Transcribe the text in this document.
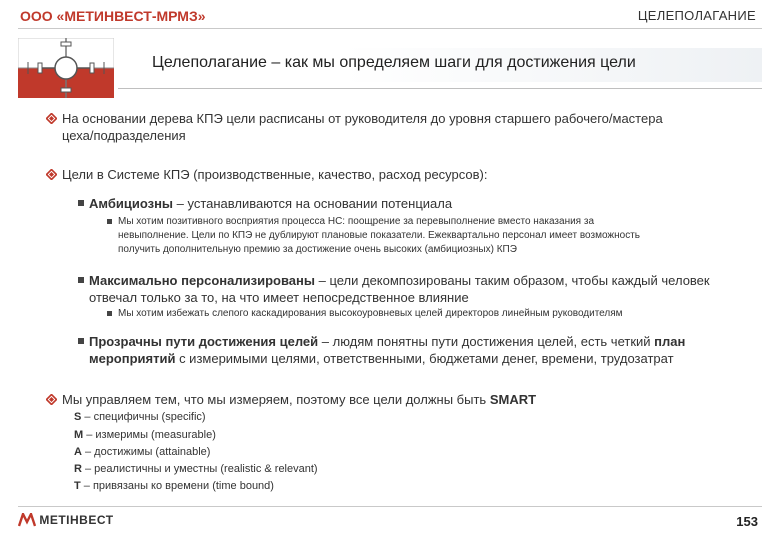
ООО «МЕТИНВЕСТ-МРМЗ»	ЦЕЛЕПОЛАГАНИЕ
Целеполагание – как мы определяем шаги для достижения цели
На основании дерева КПЭ цели расписаны от руководителя до уровня старшего рабочего/мастера
цеха/подразделения
Цели в Системе КПЭ (производственные, качество, расход ресурсов):
Амбициозны – устанавливаются на основании потенциала
Мы хотим позитивного восприятия процесса НС: поощрение за перевыполнение вместо наказания за
невыполнение. Цели по КПЭ не дублируют плановые показатели. Ежеквартально персонал имеет возможность
получить дополнительную премию за достижение очень высоких (амбициозных) КПЭ
Максимально персонализированы – цели декомпозированы таким образом, чтобы каждый человек
отвечал только за то, на что имеет непосредственное влияние
Мы хотим избежать слепого каскадирования высокоуровневых целей директоров линейным руководителям
Прозрачны пути достижения целей – людям понятны пути достижения целей, есть четкий план
мероприятий с измеримыми целями, ответственными, бюджетами денег, времени, трудозатрат
Мы управляем тем, что мы измеряем, поэтому все цели должны быть SMART
S – специфичны (specific)
M – измеримы (measurable)
A – достижимы (attainable)
R – реалистичны и уместны (realistic & relevant)
T – привязаны ко времени (time bound)
МЕТІНВЕСТ	153
